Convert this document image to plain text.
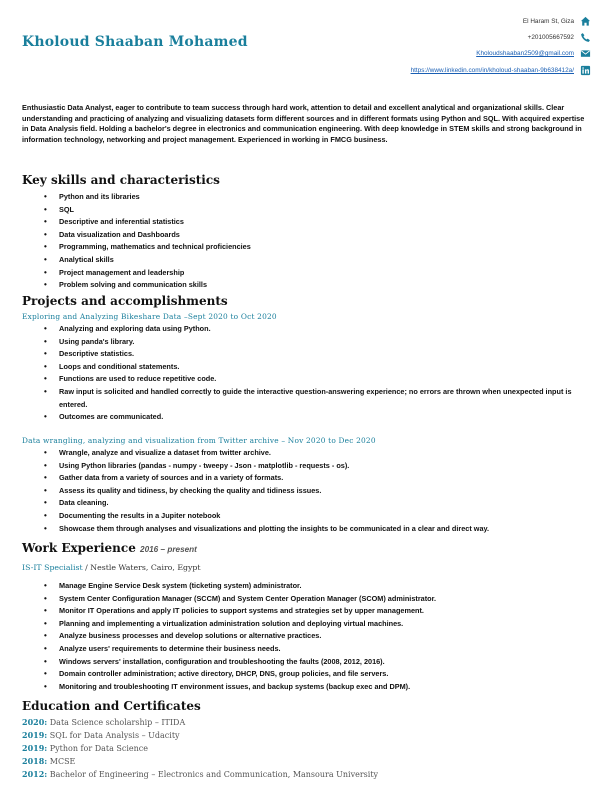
Kholoud Shaaban Mohamed
El Haram St, Giza
+201005667592
Kholoudshaaban2509@gmail.com
https://www.linkedin.com/in/kholoud-shaaban-9b638412a/
Enthusiastic Data Analyst, eager to contribute to team success through hard work, attention to detail and excellent analytical and organizational skills. Clear understanding and practicing of analyzing and visualizing datasets form different sources and in different formats using Python and SQL. With acquired expertise in Data Analysis field. Holding a bachelor's degree in electronics and communication engineering. With deep knowledge in STEM skills and strong background in information technology, networking and project management. Experienced in working in FMCG business.
Key skills and characteristics
• Python and its libraries
• SQL
• Descriptive and inferential statistics
• Data visualization and Dashboards
• Programming, mathematics and technical proficiencies
• Analytical skills
• Project management and leadership
• Problem solving and communication skills
Projects and accomplishments
Exploring and Analyzing Bikeshare Data –Sept 2020 to Oct 2020
• Analyzing and exploring data using Python.
• Using panda's library.
• Descriptive statistics.
• Loops and conditional statements.
• Functions are used to reduce repetitive code.
• Raw input is solicited and handled correctly to guide the interactive question-answering experience; no errors are thrown when unexpected input is entered.
• Outcomes are communicated.
Data wrangling, analyzing and visualization from Twitter archive – Nov 2020 to Dec 2020
• Wrangle, analyze and visualize a dataset from twitter archive.
• Using Python libraries (pandas - numpy - tweepy - Json - matplotlib - requests - os).
• Gather data from a variety of sources and in a variety of formats.
• Assess its quality and tidiness, by checking the quality and tidiness issues.
• Data cleaning.
• Documenting the results in a Jupiter notebook
• Showcase them through analyses and visualizations and plotting the insights to be communicated in a clear and direct way.
Work Experience 2016 – present
IS-IT Specialist / Nestle Waters, Cairo, Egypt
• Manage Engine Service Desk system (ticketing system) administrator.
• System Center Configuration Manager (SCCM) and System Center Operation Manager (SCOM) administrator.
• Monitor IT Operations and apply IT policies to support systems and strategies set by upper management.
• Planning and implementing a virtualization administration solution and deploying virtual machines.
• Analyze business processes and develop solutions or alternative practices.
• Analyze users' requirements to determine their business needs.
• Windows servers' installation, configuration and troubleshooting the faults (2008, 2012, 2016).
• Domain controller administration; active directory, DHCP, DNS, group policies, and file servers.
• Monitoring and troubleshooting IT environment issues, and backup systems (backup exec and DPM).
Education and Certificates
2020: Data Science scholarship – ITIDA
2019: SQL for Data Analysis – Udacity
2019: Python for Data Science
2018: MCSE
2012: Bachelor of Engineering – Electronics and Communication, Mansoura University
